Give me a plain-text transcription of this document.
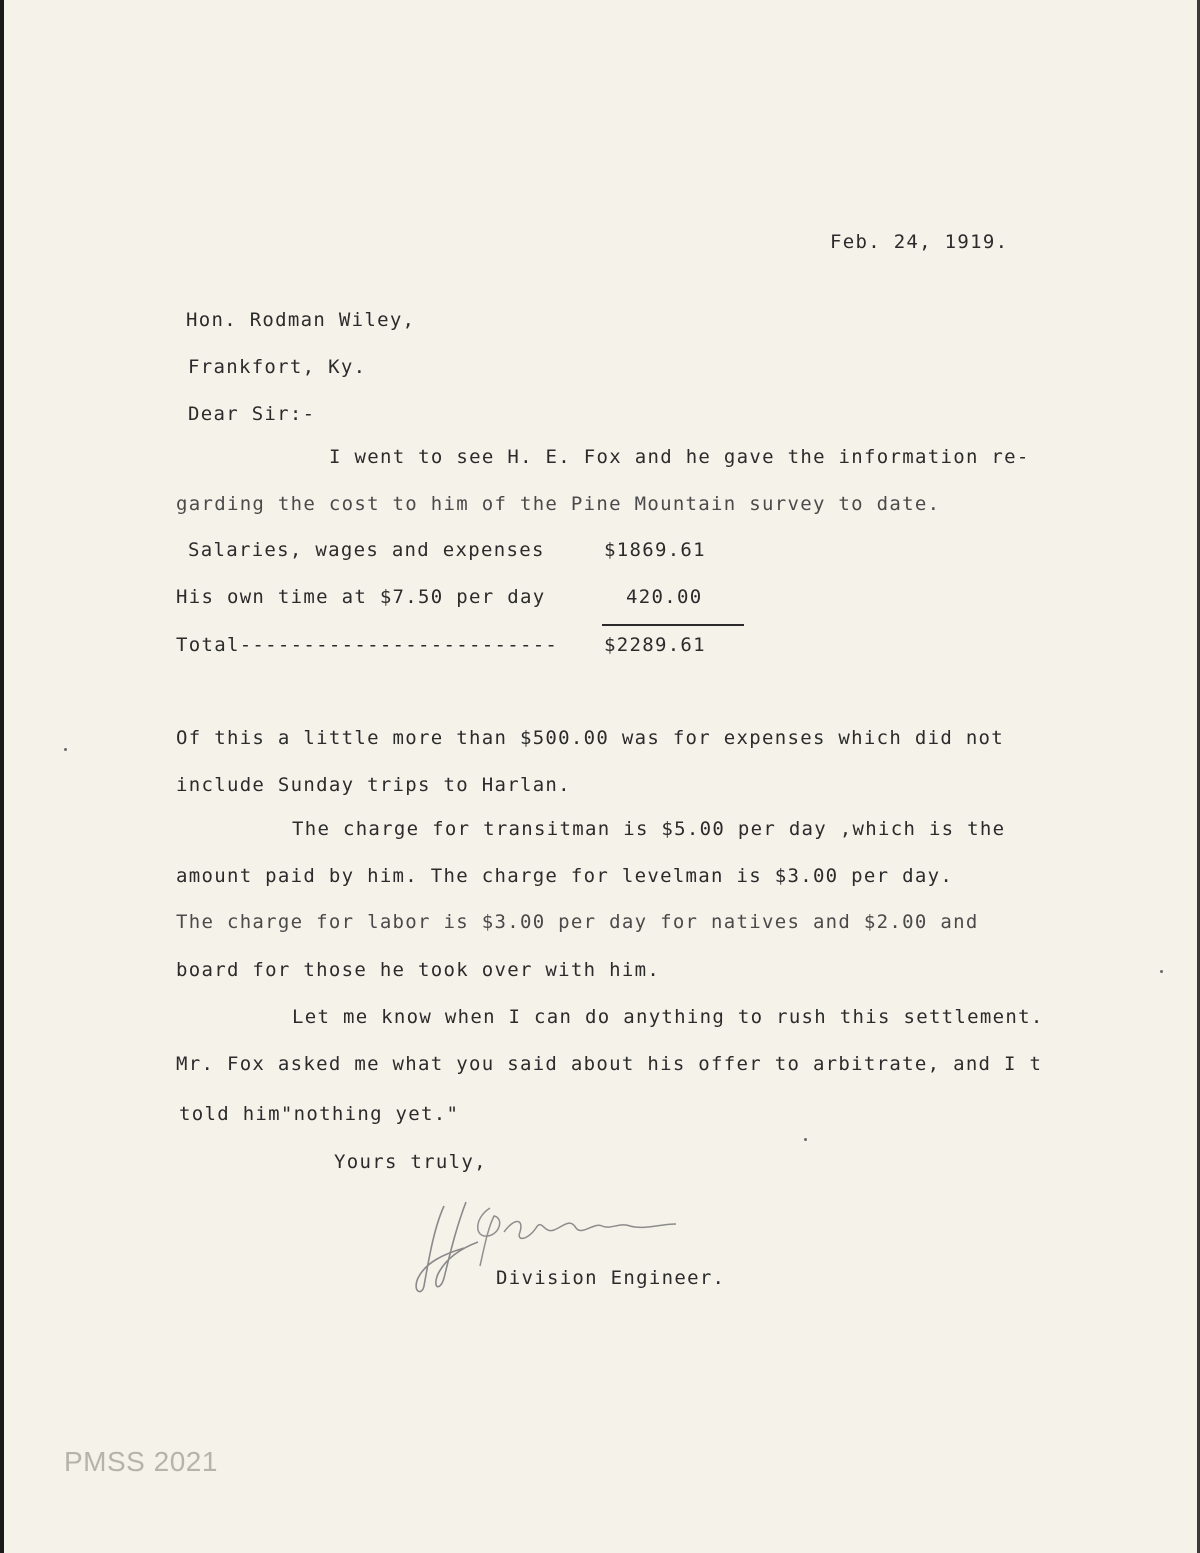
Feb. 24, 1919.
Hon. Rodman Wiley,
Frankfort, Ky.
Dear Sir:-
I went to see H. E. Fox and he gave the information re-
garding the cost to him of the Pine Mountain survey to date.
Salaries, wages and expenses	$1869.61
His own time at $7.50 per day	420.00
Total------------------------- $2289.61
Of this a little more than $500.00 was for expenses which did not
include Sunday trips to Harlan.
The charge for transitman is $5.00 per day ,which is the
amount paid by him. The charge for levelman is $3.00 per day.
The charge for labor is $3.00 per day for natives and $2.00 and
board for those he took over with him.
Let me know when I can do anything to rush this settlement.
Mr. Fox asked me what you said about his offer to arbitrate, and I t
told him"nothing yet."
Yours truly,
Division Engineer.
PMSS 2021
